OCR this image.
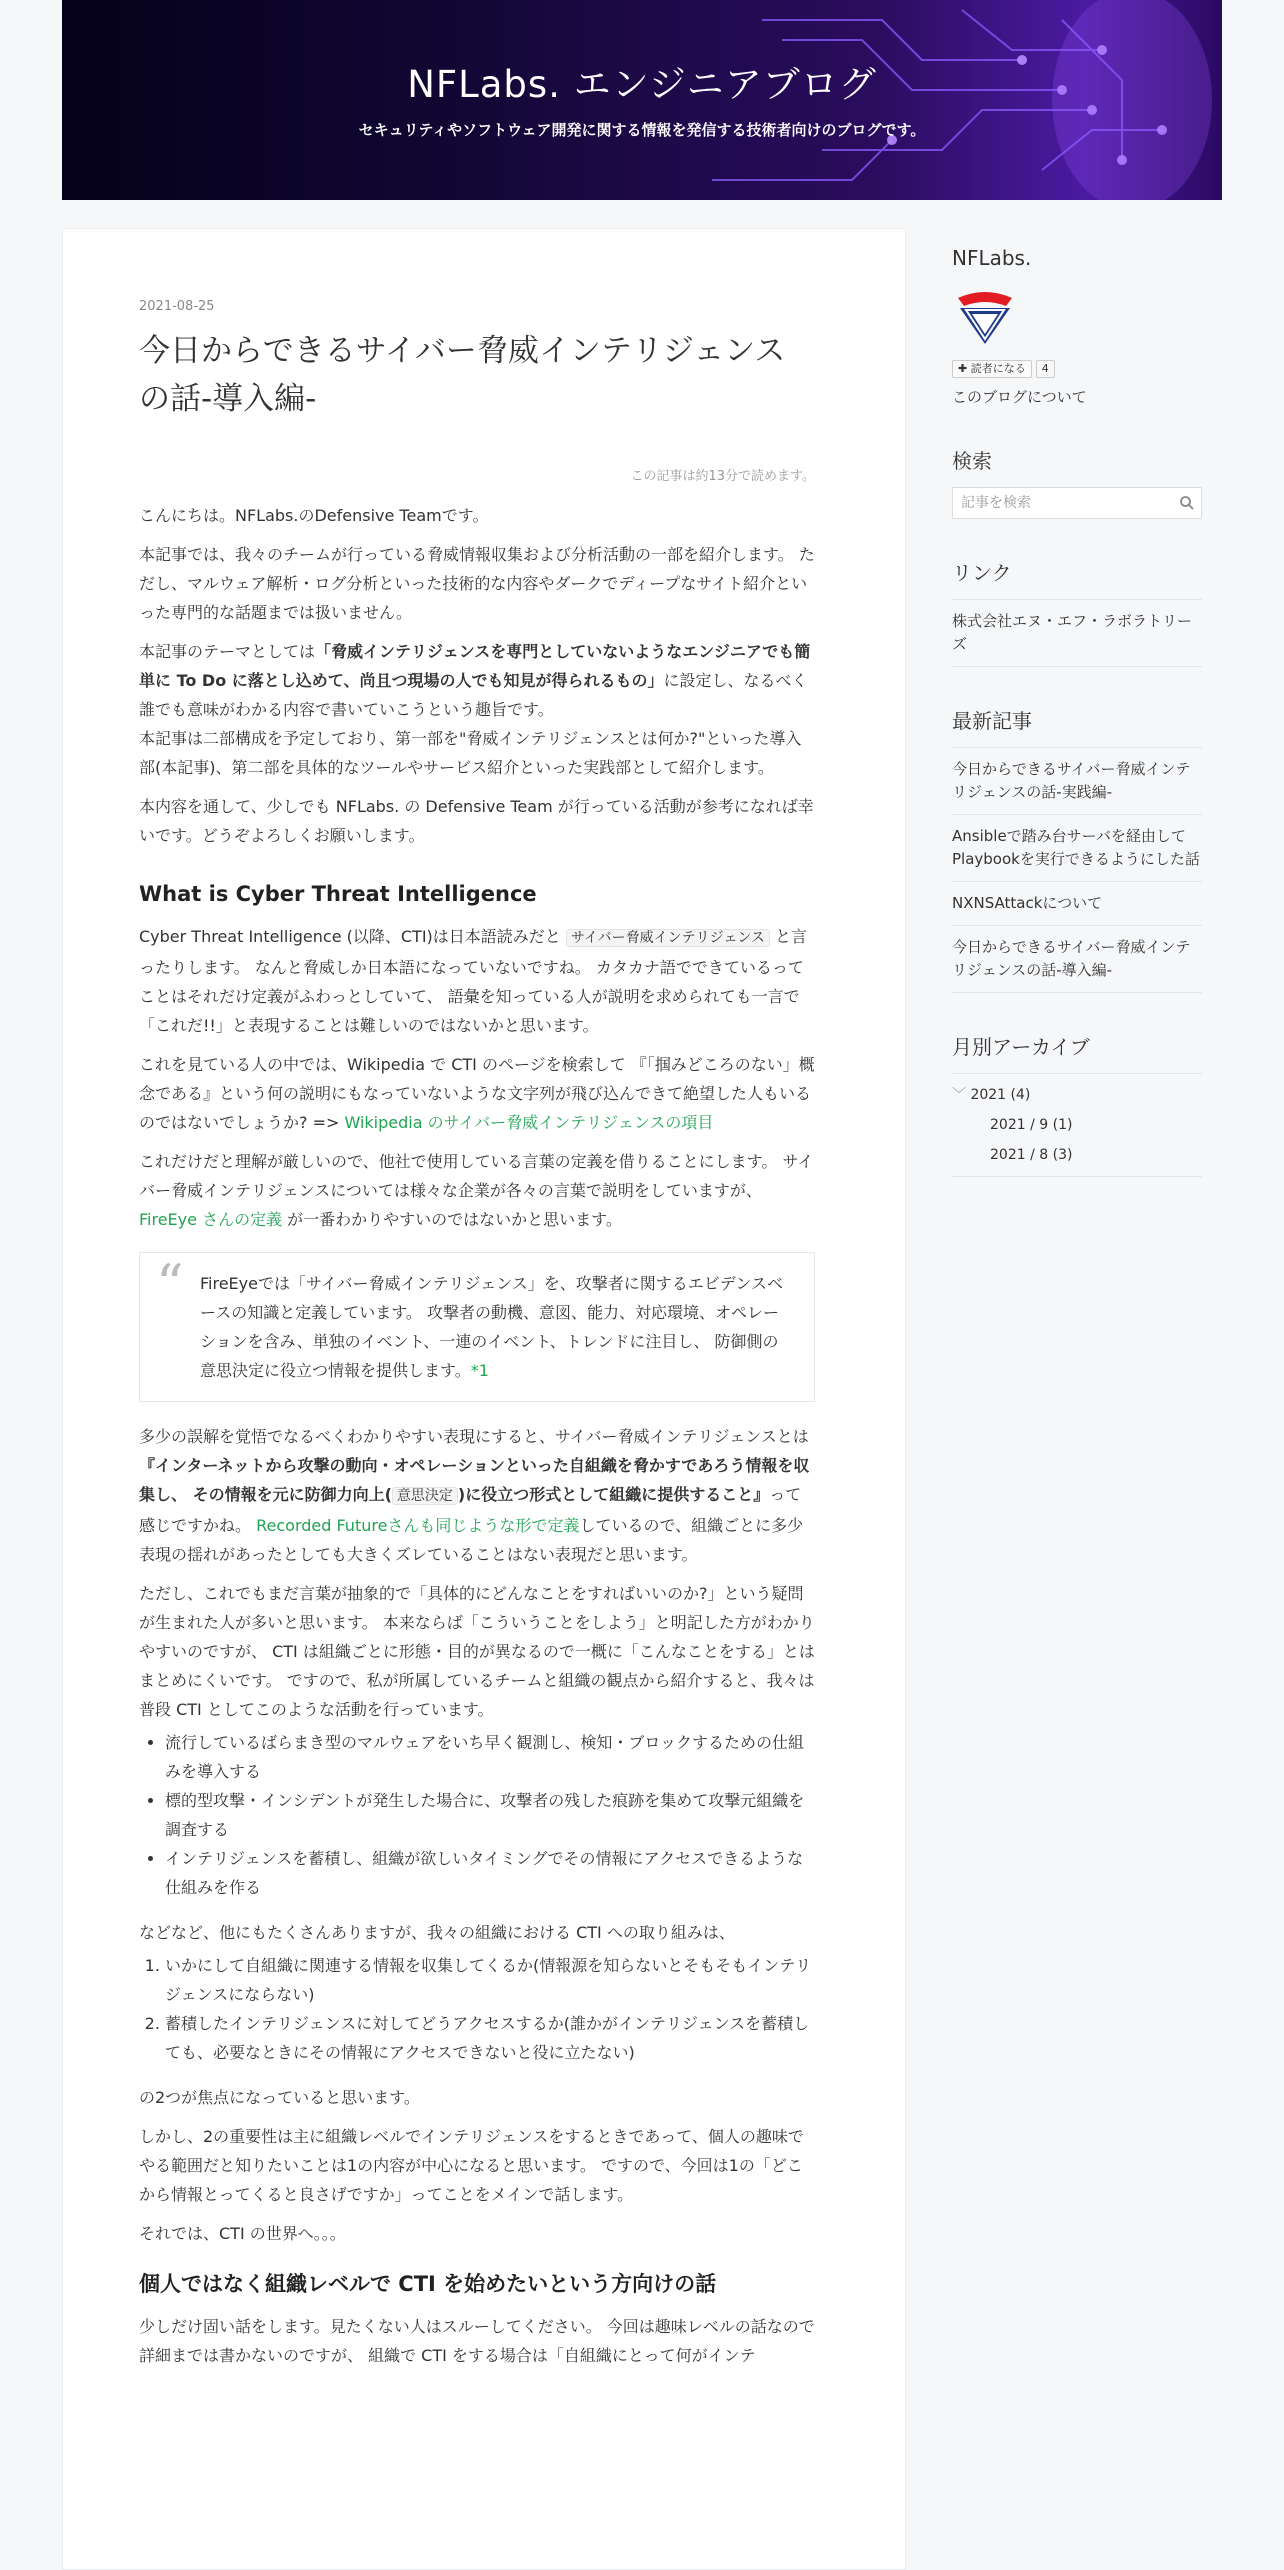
NFLabs. エンジニアブログ
セキュリティやソフトウェア開発に関する情報を発信する技術者向けのブログです。
2021-08-25
今日からできるサイバー脅威インテリジェンスの話-導入編-
この記事は約13分で読めます。

こんにちは。NFLabs.のDefensive Teamです。

本記事では、我々のチームが行っている脅威情報収集および分析活動の一部を紹介します。 ただし、マルウェア解析・ログ分析といった技術的な内容やダークでディープなサイト紹介といった専門的な話題までは扱いません。

本記事のテーマとしては「脅威インテリジェンスを専門としていないようなエンジニアでも簡単に To Do に落とし込めて、尚且つ現場の人でも知見が得られるもの」に設定し、なるべく誰でも意味がわかる内容で書いていこうという趣旨です。

本記事は二部構成を予定しており、第一部を"脅威インテリジェンスとは何か?"といった導入部(本記事)、第二部を具体的なツールやサービス紹介といった実践部として紹介します。

本内容を通して、少しでも NFLabs. の Defensive Team が行っている活動が参考になれば幸いです。どうぞよろしくお願いします。

What is Cyber Threat Intelligence

Cyber Threat Intelligence (以降、CTI)は日本語読みだと サイバー脅威インテリジェンス と言ったりします。 なんと脅威しか日本語になっていないですね。 カタカナ語でできているってことはそれだけ定義がふわっとしていて、 語彙を知っている人が説明を求められても一言で「これだ!!」と表現することは難しいのではないかと思います。

これを見ている人の中では、Wikipedia で CTI のページを検索して 『「掴みどころのない」概念である』という何の説明にもなっていないような文字列が飛び込んできて絶望した人もいるのではないでしょうか? => Wikipedia のサイバー脅威インテリジェンスの項目

これだけだと理解が厳しいので、他社で使用している言葉の定義を借りることにします。 サイバー脅威インテリジェンスについては様々な企業が各々の言葉で説明をしていますが、 FireEye さんの定義 が一番わかりやすいのではないかと思います。

“ FireEyeでは「サイバー脅威インテリジェンス」を、攻撃者に関するエビデンスベースの知識と定義しています。 攻撃者の動機、意図、能力、対応環境、オペレーションを含み、単独のイベント、一連のイベント、トレンドに注目し、 防御側の意思決定に役立つ情報を提供します。*1

多少の誤解を覚悟でなるべくわかりやすい表現にすると、サイバー脅威インテリジェンスとは 『インターネットから攻撃の動向・オペレーションといった自組織を脅かすであろう情報を収集し、 その情報を元に防御力向上( 意思決定 )に役立つ形式として組織に提供すること』って感じですかね。 Recorded Futureさんも同じような形で定義しているので、組織ごとに多少表現の揺れがあったとしても大きくズレていることはない表現だと思います。

ただし、これでもまだ言葉が抽象的で「具体的にどんなことをすればいいのか?」という疑問が生まれた人が多いと思います。 本来ならば「こういうことをしよう」と明記した方がわかりやすいのですが、 CTI は組織ごとに形態・目的が異なるので一概に「こんなことをする」とはまとめにくいです。 ですので、私が所属しているチームと組織の観点から紹介すると、我々は普段 CTI としてこのような活動を行っています。

• 流行しているばらまき型のマルウェアをいち早く観測し、検知・ブロックするための仕組みを導入する
• 標的型攻撃・インシデントが発生した場合に、攻撃者の残した痕跡を集めて攻撃元組織を調査する
• インテリジェンスを蓄積し、組織が欲しいタイミングでその情報にアクセスできるような仕組みを作る

などなど、他にもたくさんありますが、我々の組織における CTI への取り組みは、

1. いかにして自組織に関連する情報を収集してくるか(情報源を知らないとそもそもインテリジェンスにならない)
2. 蓄積したインテリジェンスに対してどうアクセスするか(誰かがインテリジェンスを蓄積しても、必要なときにその情報にアクセスできないと役に立たない)

の2つが焦点になっていると思います。

しかし、2の重要性は主に組織レベルでインテリジェンスをするときであって、個人の趣味でやる範囲だと知りたいことは1の内容が中心になると思います。 ですので、今回は1の「どこから情報とってくると良さげですか」ってことをメインで話します。

それでは、CTI の世界へ。。。

個人ではなく組織レベルで CTI を始めたいという方向けの話

少しだけ固い話をします。見たくない人はスルーしてください。 今回は趣味レベルの話なので詳細までは書かないのですが、 組織で CTI をする場合は「自組織にとって何がインテ

NFLabs.
✚ 読者になる	4
このブログについて
検索
記事を検索
リンク
株式会社エヌ・エフ・ラボラトリーズ
最新記事
今日からできるサイバー脅威インテリジェンスの話-実践編-
Ansibleで踏み台サーバを経由してPlaybookを実行できるようにした話
NXNSAttackについて
今日からできるサイバー脅威インテリジェンスの話-導入編-
月別アーカイブ
﹀ 2021 (4)
2021 / 9 (1)
2021 / 8 (3)
